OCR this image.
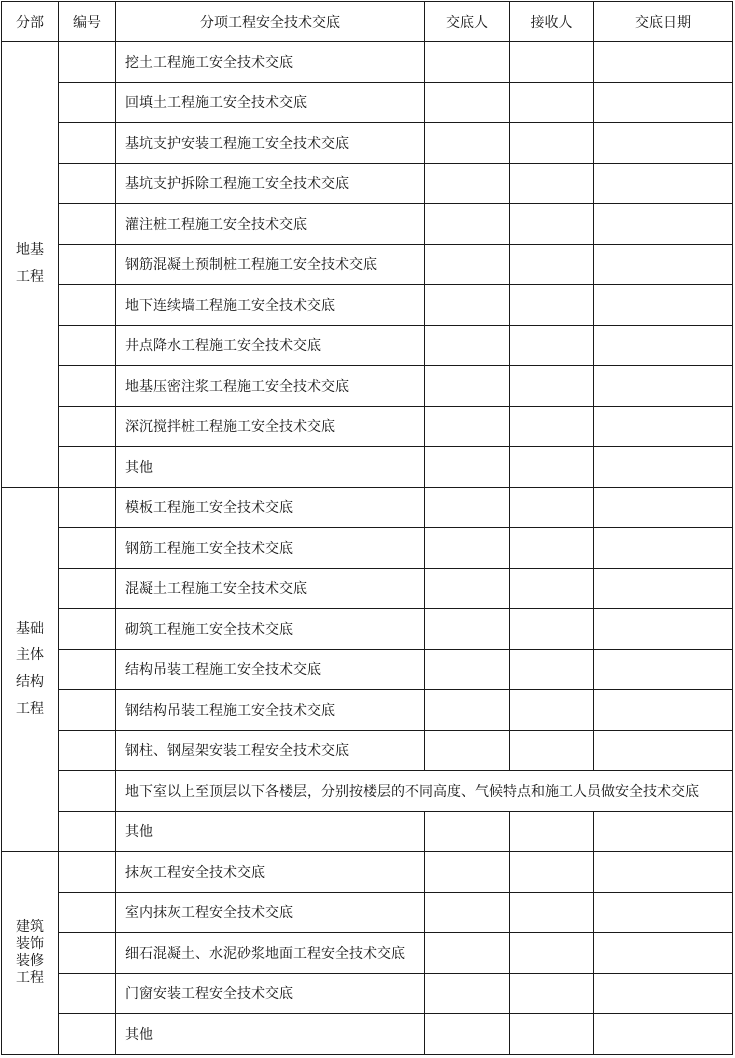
分部	编号	分项工程安全技术交底	交底人	接收人	交底日期

地基
工程		挖土工程施工安全技术交底			
		回填土工程施工安全技术交底			
		基坑支护安装工程施工安全技术交底			
		基坑支护拆除工程施工安全技术交底			
		灌注桩工程施工安全技术交底			
		钢筋混凝土预制桩工程施工安全技术交底			
		地下连续墙工程施工安全技术交底			
		井点降水工程施工安全技术交底			
		地基压密注浆工程施工安全技术交底			
		深沉搅拌桩工程施工安全技术交底			
		其他			

基础
主体
结构
工程		模板工程施工安全技术交底			
		钢筋工程施工安全技术交底			
		混凝土工程施工安全技术交底			
		砌筑工程施工安全技术交底			
		结构吊装工程施工安全技术交底			
		钢结构吊装工程施工安全技术交底			
		钢柱、钢屋架安装工程安全技术交底			
		地下室以上至顶层以下各楼层，分别按楼层的不同高度、气候特点和施工人员做安全技术交底			
		其他			

建筑
装饰
装修
工程		抹灰工程安全技术交底			
		室内抹灰工程安全技术交底			
		细石混凝土、水泥砂浆地面工程安全技术交底			
		门窗安装工程安全技术交底			
		其他			
